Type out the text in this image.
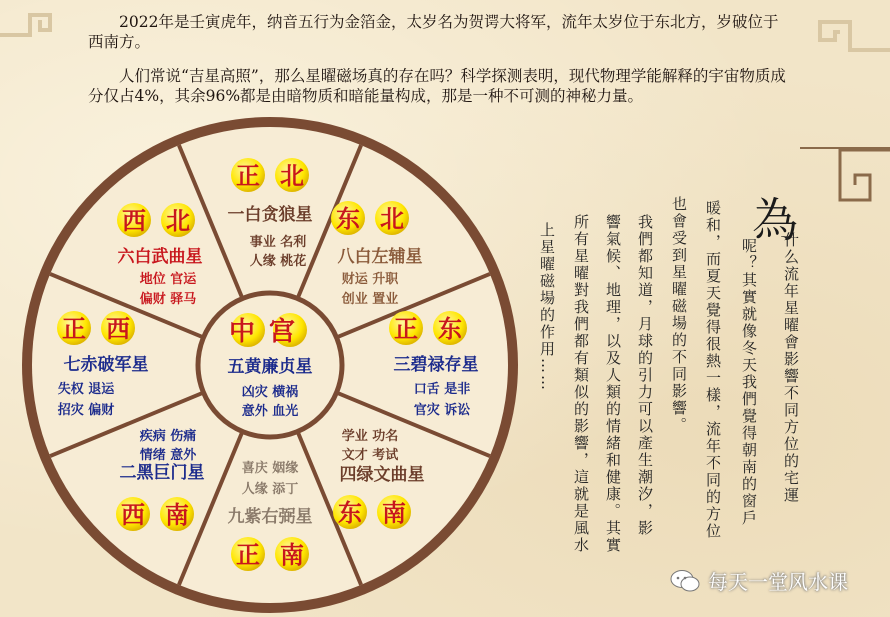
2022年是壬寅虎年，纳音五行为金箔金，太岁名为贺谔大将军，流年太岁位于东北方，岁破位于西南方。
人们常说“吉星高照”，那么星曜磁场真的存在吗？科学探测表明，现代物理学能解释的宇宙物质成分仅占4%，其余96%都是由暗物质和暗能量构成，那是一种不可测的神秘力量。
正 北
一白贪狼星
事业 名利
人缘 桃花
东 北
八白左辅星
财运 升职
创业 置业
正 东
三碧禄存星
口舌 是非
官灾 诉讼
东 南
四绿文曲星
学业 功名
文才 考试
正 南
九紫右弼星
喜庆 姻缘
人缘 添丁
西 南
二黑巨门星
疾病 伤痛
情绪 意外
正 西
七赤破军星
失权 退运
招灾 偏财
西 北
六白武曲星
地位 官运
偏财 驿马
中宫
五黄廉贞星
凶灾 横祸
意外 血光
為
什么流年星曜會影響不同方位的宅運
呢？其實就像冬天我們覺得朝南的窗戶
暖和，而夏天覺得很熱一樣，流年不同的方位
也會受到星曜磁場的不同影響。
我們都知道，月球的引力可以產生潮汐，影
響氣候、地理，以及人類的情緒和健康。其實
所有星曜對我們都有類似的影響，這就是風水
上星曜磁場的作用……
每天一堂风水课
